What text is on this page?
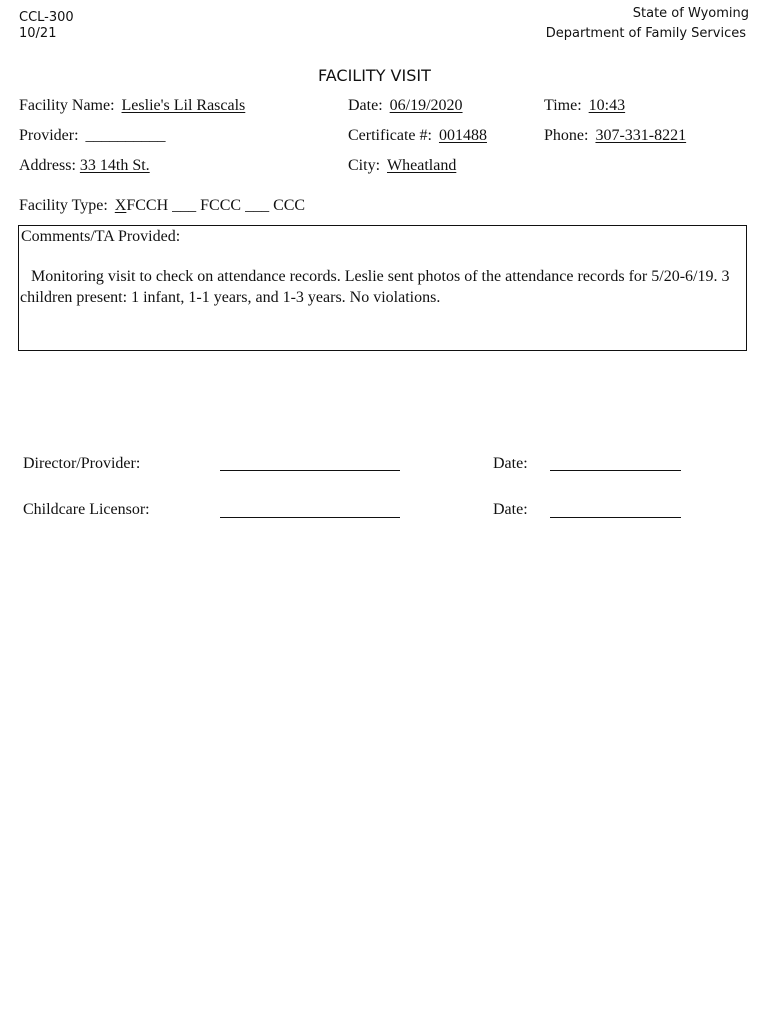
CCL-300
10/21
State of Wyoming
Department of Family Services
FACILITY VISIT
Facility Name: Leslie's Lil Rascals	Date: 06/19/2020	Time: 10:43
Provider: __________	Certificate #: 001488	Phone: 307-331-8221
Address: 33 14th St.	City: Wheatland
Facility Type: XFCCH ___ FCCC ___ CCC
Comments/TA Provided:
Monitoring visit to check on attendance records. Leslie sent photos of the attendance records for 5/20-6/19. 3 children present: 1 infant, 1-1 years, and 1-3 years. No violations.
Director/Provider:	Date:
Childcare Licensor:	Date:
